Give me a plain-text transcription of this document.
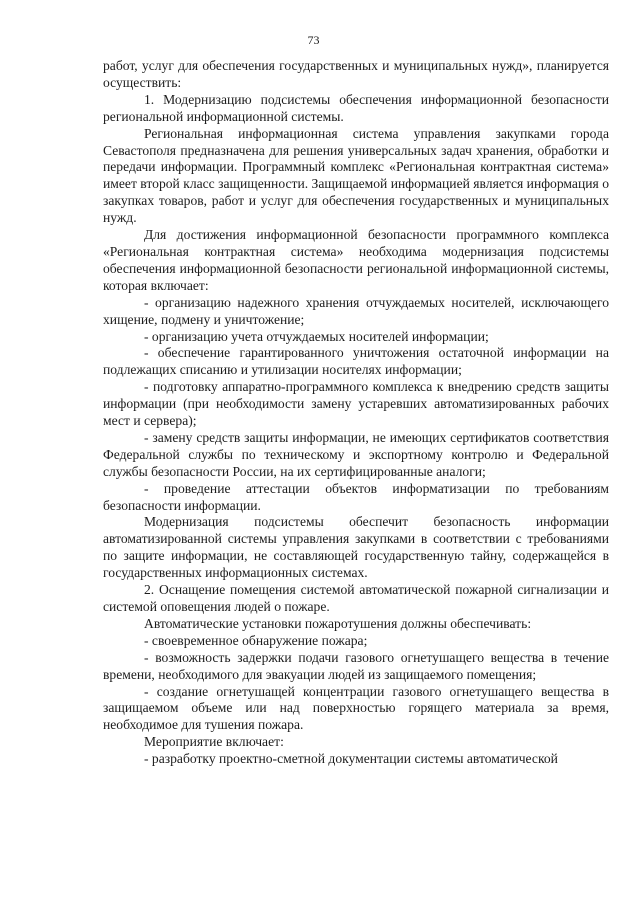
73

работ, услуг для обеспечения государственных и муниципальных нужд», планируется осуществить:

1. Модернизацию подсистемы обеспечения информационной безопасности региональной информационной системы.

Региональная информационная система управления закупками города Севастополя предназначена для решения универсальных задач хранения, обработки и передачи информации. Программный комплекс «Региональная контрактная система» имеет второй класс защищенности. Защищаемой информацией является информация о закупках товаров, работ и услуг для обеспечения государственных и муниципальных нужд.

Для достижения информационной безопасности программного комплекса «Региональная контрактная система» необходима модернизация подсистемы обеспечения информационной безопасности региональной информационной системы, которая включает:

- организацию надежного хранения отчуждаемых носителей, исключающего хищение, подмену и уничтожение;

- организацию учета отчуждаемых носителей информации;

- обеспечение гарантированного уничтожения остаточной информации на подлежащих списанию и утилизации носителях информации;

- подготовку аппаратно-программного комплекса к внедрению средств защиты информации (при необходимости замену устаревших автоматизированных рабочих мест и сервера);

- замену средств защиты информации, не имеющих сертификатов соответствия Федеральной службы по техническому и экспортному контролю и Федеральной службы безопасности России, на их сертифицированные аналоги;

- проведение аттестации объектов информатизации по требованиям безопасности информации.

Модернизация подсистемы обеспечит безопасность информации автоматизированной системы управления закупками в соответствии с требованиями по защите информации, не составляющей государственную тайну, содержащейся в государственных информационных системах.

2. Оснащение помещения системой автоматической пожарной сигнализации и системой оповещения людей о пожаре.

Автоматические установки пожаротушения должны обеспечивать:

- своевременное обнаружение пожара;

- возможность задержки подачи газового огнетушащего вещества в течение времени, необходимого для эвакуации людей из защищаемого помещения;

- создание огнетушащей концентрации газового огнетушащего вещества в защищаемом объеме или над поверхностью горящего материала за время, необходимое для тушения пожара.

Мероприятие включает:

- разработку проектно-сметной документации системы автоматической
